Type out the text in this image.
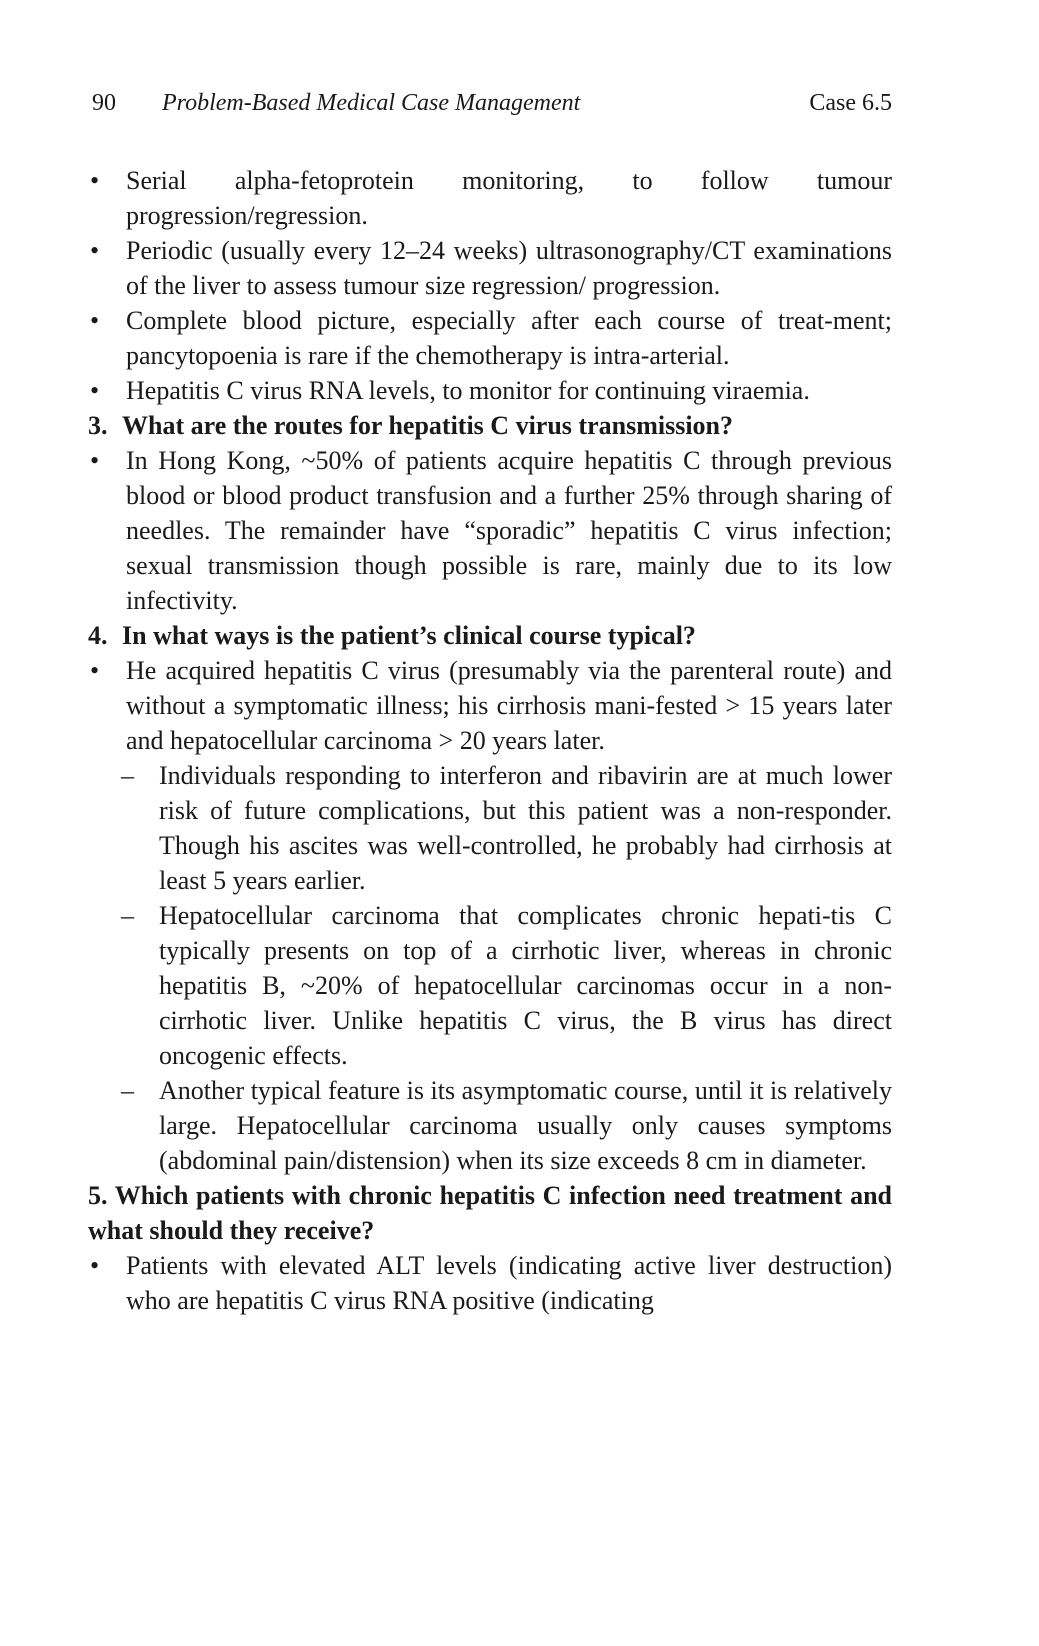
90 Problem-Based Medical Case Management	Case 6.5
• Serial alpha-fetoprotein monitoring, to follow tumour progression/regression.
• Periodic (usually every 12–24 weeks) ultrasonography/CT examinations of the liver to assess tumour size regression/ progression.
• Complete blood picture, especially after each course of treat-ment; pancytopoenia is rare if the chemotherapy is intra-arterial.
• Hepatitis C virus RNA levels, to monitor for continuing viraemia.
3. What are the routes for hepatitis C virus transmission?
• In Hong Kong, ~50% of patients acquire hepatitis C through previous blood or blood product transfusion and a further 25% through sharing of needles. The remainder have “sporadic” hepatitis C virus infection; sexual transmission though possible is rare, mainly due to its low infectivity.
4. In what ways is the patient’s clinical course typical?
• He acquired hepatitis C virus (presumably via the parenteral route) and without a symptomatic illness; his cirrhosis mani-fested > 15 years later and hepatocellular carcinoma > 20 years later.
– Individuals responding to interferon and ribavirin are at much lower risk of future complications, but this patient was a non-responder. Though his ascites was well-controlled, he probably had cirrhosis at least 5 years earlier.
– Hepatocellular carcinoma that complicates chronic hepati-tis C typically presents on top of a cirrhotic liver, whereas in chronic hepatitis B, ~20% of hepatocellular carcinomas occur in a non-cirrhotic liver. Unlike hepatitis C virus, the B virus has direct oncogenic effects.
– Another typical feature is its asymptomatic course, until it is relatively large. Hepatocellular carcinoma usually only causes symptoms (abdominal pain/distension) when its size exceeds 8 cm in diameter.
5. Which patients with chronic hepatitis C infection need treatment and what should they receive?
• Patients with elevated ALT levels (indicating active liver destruction) who are hepatitis C virus RNA positive (indicating
